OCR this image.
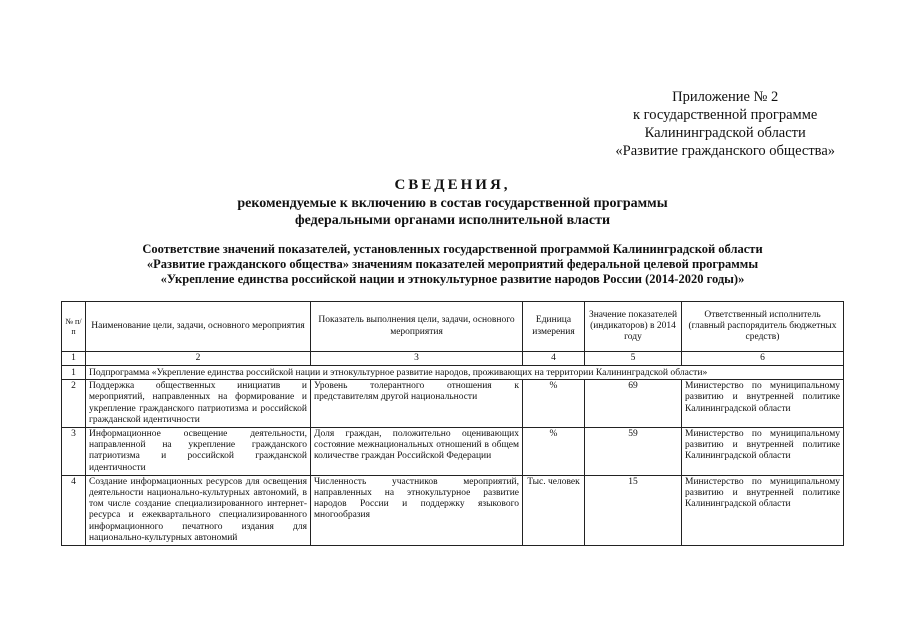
Приложение № 2
к государственной программе
Калининградской области
«Развитие гражданского общества»
СВЕДЕНИЯ,
рекомендуемые к включению в состав государственной программы
федеральными органами исполнительной власти
Соответствие значений показателей, установленных государственной программой Калининградской области
«Развитие гражданского общества» значениям показателей мероприятий федеральной целевой программы
«Укрепление единства российской нации и этнокультурное развитие народов России (2014-2020 годы)»
№ п/п	Наименование цели, задачи, основного мероприятия	Показатель выполнения цели, задачи, основного мероприятия	Единица измерения	Значение показателей (индикаторов) в 2014 году	Ответственный исполнитель (главный распорядитель бюджетных средств)
1	2	3	4	5	6
1	Подпрограмма «Укрепление единства российской нации и этнокультурное развитие народов, проживающих на территории Калининградской области»				
2	Поддержка общественных инициатив и мероприятий, направленных на формирование и укрепление гражданского патриотизма и российской гражданской идентичности	Уровень толерантного отношения к представителям другой национальности	%	69	Министерство по муниципальному развитию и внутренней политике Калининградской области
3	Информационное освещение деятельности, направленной на укрепление гражданского патриотизма и российской гражданской идентичности	Доля граждан, положительно оценивающих состояние межнациональных отношений в общем количестве граждан Российской Федерации	%	59	Министерство по муниципальному развитию и внутренней политике Калининградской области
4	Создание информационных ресурсов для освещения деятельности национально-культурных автономий, в том числе создание специализированного интернет-ресурса и ежеквартального специализированного информационного печатного издания для национально-культурных автономий	Численность участников мероприятий, направленных на этнокультурное развитие народов России и поддержку языкового многообразия	Тыс. человек	15	Министерство по муниципальному развитию и внутренней политике Калининградской области
